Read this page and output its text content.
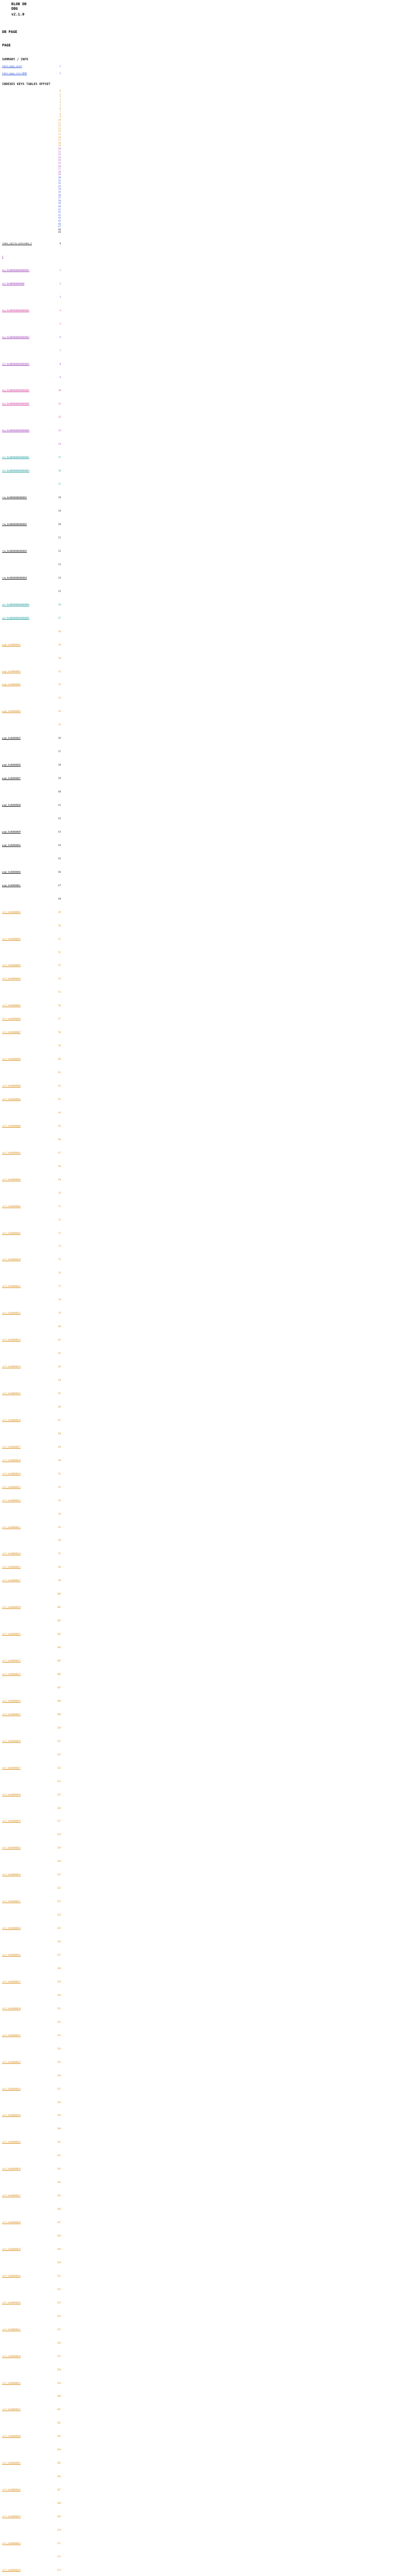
BLOB DB
DBG
v2.1.0
DB PAGE
PAGE
SUMMARY / INFO
table:page_count	1
table:page_size:4096	1
INDEXES KEYS TABLES OFFSET
0
1
2
3
4
5
6
7
8
9
10
11
12
13
14
15
16
17
18
19
20
21
22
23
24
25
26
27
28
29
30
31
32
33
34
35
36
37
38
39
40
41
42
43
44
45
46
47
48
49
index_sqlite_autoindex_1	0
0
key:0x0000000000000001	1
val:0x000000000000	2
3
key:0x0000000000000002	4
5
key:0x0000000000000003	6
7
val:0x0000000000000001	8
9
key:0x0000000000000004	10
key:0x0000000000000005	11
12
key:0x0000000000000006	13
14
val:0x0000000000000002	15
val:0x0000000000000003	16
17
row_0x00000000000001	18
19
row_0x00000000000002	20
21
row_0x00000000000003	22
23
row_0x00000000000004	24
25
val:0x0000000000000004	26
val:0x0000000000000005	27
28
page_0x00000001	29
30
page_0x00000002	31
page_0x00000003	32
33
page_0x00000004	34
35
page_0x00000005	36
37
page_0x00000006	38
page_0x00000007	39
40
page_0x00000008	41
42
page_0x00000009	43
page_0x0000000a	44
45
page_0x0000000b	46
page_0x0000000c	47
48
cell_0x00000001	49
50
cell_0x00000002	51
52
cell_0x00000003	53
cell_0x00000004	54
55
cell_0x00000005	56
cell_0x00000006	57
cell_0x00000007	58
59
cell_0x00000008	60
61
cell_0x00000009	62
cell_0x0000000a	63
64
cell_0x0000000b	65
66
cell_0x0000000c	67
68
cell_0x0000000d	69
70
cell_0x0000000e	71
72
cell_0x0000000f	73
74
cell_0x00000010	75
76
cell_0x00000011	77
78
cell_0x00000012	79
80
cell_0x00000013	81
82
cell_0x00000014	83
84
cell_0x00000015	85
86
cell_0x00000016	87
88
cell_0x00000017	89
cell_0x00000018	90
cell_0x00000019	91
cell_0x0000001a	92
cell_0x0000001b	93
94
cell_0x0000001c	95
96
cell_0x0000001d	97
cell_0x0000001e	98
cell_0x0000001f	99
100
cell_0x00000020	101
102
cell_0x00000021	103
104
cell_0x00000022	105
cell_0x00000023	106
107
cell_0x00000024	108
cell_0x00000025	109
110
cell_0x00000026	111
112
cell_0x00000027	113
114
cell_0x00000028	115
116
cell_0x00000029	117
118
cell_0x0000002a	119
120
cell_0x0000002b	121
122
cell_0x0000002c	123
124
cell_0x0000002d	125
126
cell_0x0000002e	127
128
cell_0x0000002f	129
130
cell_0x00000030	131
132
cell_0x00000031	133
134
cell_0x00000032	135
136
cell_0x00000033	137
138
cell_0x00000034	139
140
cell_0x00000035	141
142
cell_0x00000036	143
144
cell_0x00000037	145
146
cell_0x00000038	147
148
cell_0x00000039	149
150
cell_0x0000003a	151
152
cell_0x0000003b	153
154
cell_0x0000003c	155
156
cell_0x0000003d	157
158
cell_0x0000003e	159
160
cell_0x0000003f	161
162
cell_0x00000040	163
164
cell_0x00000041	165
166
cell_0x00000042	167
168
cell_0x00000043	169
170
cell_0x00000044	171
172
cell_0x00000045	173
